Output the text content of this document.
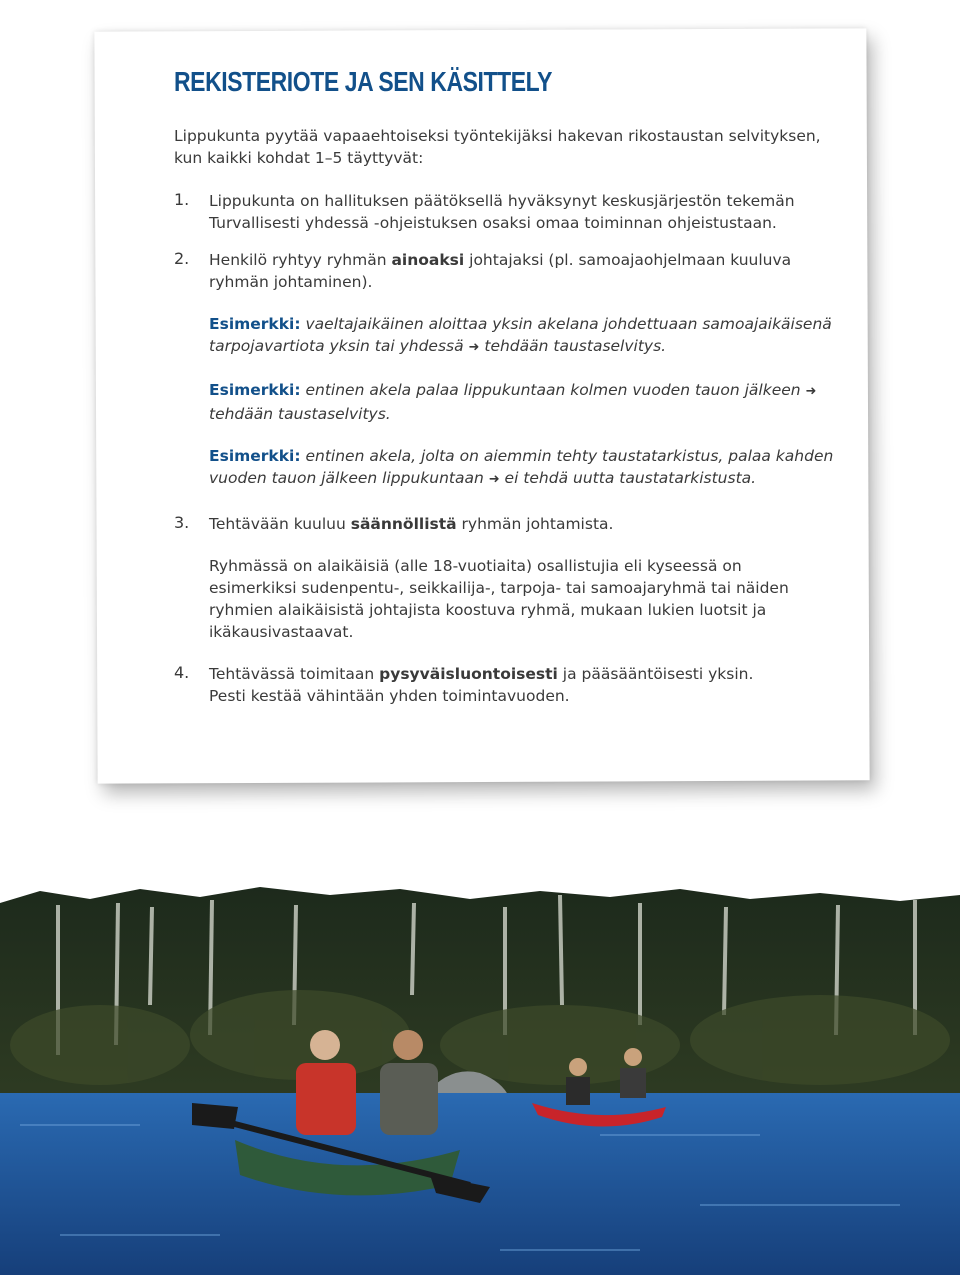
REKISTERIOTE JA SEN KÄSITTELY

Lippukunta pyytää vapaaehtoiseksi työntekijäksi hakevan rikostaustan selvityksen, kun kaikki kohdat 1–5 täyttyvät:

1.	Lippukunta on hallituksen päätöksellä hyväksynyt keskusjärjestön tekemän Turvallisesti yhdessä -ohjeistuksen osaksi omaa toiminnan ohjeistustaan.

2.	Henkilö ryhtyy ryhmän ainoaksi johtajaksi (pl. samoajaohjelmaan kuuluva ryhmän johtaminen).

Esimerkki: vaeltajaikäinen aloittaa yksin akelana johdettuaan samoajaikäisenä tarpojavartiota yksin tai yhdessä ➜ tehdään taustaselvitys.

Esimerkki: entinen akela palaa lippukuntaan kolmen vuoden tauon jälkeen ➜ tehdään taustaselvitys.

Esimerkki: entinen akela, jolta on aiemmin tehty taustatarkistus, palaa kahden vuoden tauon jälkeen lippukuntaan ➜ ei tehdä uutta taustatarkistusta.

3.	Tehtävään kuuluu säännöllistä ryhmän johtamista.

Ryhmässä on alaikäisiä (alle 18-vuotiaita) osallistujia eli kyseessä on esimerkiksi sudenpentu-, seikkailija-, tarpoja- tai samoajaryhmä tai näiden ryhmien alaikäisistä johtajista koostuva ryhmä, mukaan lukien luotsit ja ikäkausivastaavat.

4.	Tehtävässä toimitaan pysyväisluontoisesti ja pääsääntöisesti yksin.

Pesti kestää vähintään yhden toimintavuoden.
